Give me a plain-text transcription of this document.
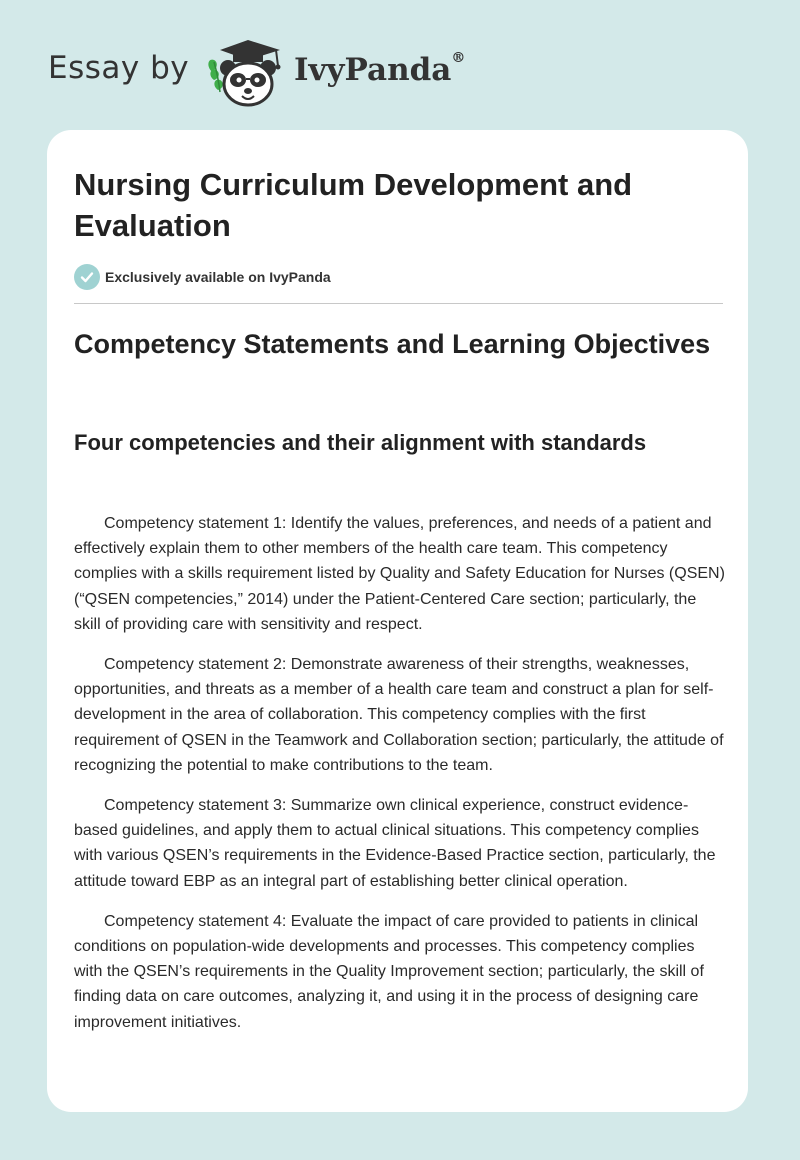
Essay by	IvyPanda®
Nursing Curriculum Development and Evaluation
Exclusively available on IvyPanda
Competency Statements and Learning Objectives
Four competencies and their alignment with standards

Competency statement 1: Identify the values, preferences, and needs of a patient and effectively explain them to other members of the health care team. This competency complies with a skills requirement listed by Quality and Safety Education for Nurses (QSEN) (“QSEN competencies,” 2014) under the Patient-Centered Care section; particularly, the skill of providing care with sensitivity and respect.

Competency statement 2: Demonstrate awareness of their strengths, weaknesses, opportunities, and threats as a member of a health care team and construct a plan for self-development in the area of collaboration. This competency complies with the first requirement of QSEN in the Teamwork and Collaboration section; particularly, the attitude of recognizing the potential to make contributions to the team.

Competency statement 3: Summarize own clinical experience, construct evidence-based guidelines, and apply them to actual clinical situations. This competency complies with various QSEN’s requirements in the Evidence-Based Practice section, particularly, the attitude toward EBP as an integral part of establishing better clinical operation.

Competency statement 4: Evaluate the impact of care provided to patients in clinical conditions on population-wide developments and processes. This competency complies with the QSEN’s requirements in the Quality Improvement section; particularly, the skill of finding data on care outcomes, analyzing it, and using it in the process of designing care improvement initiatives.
